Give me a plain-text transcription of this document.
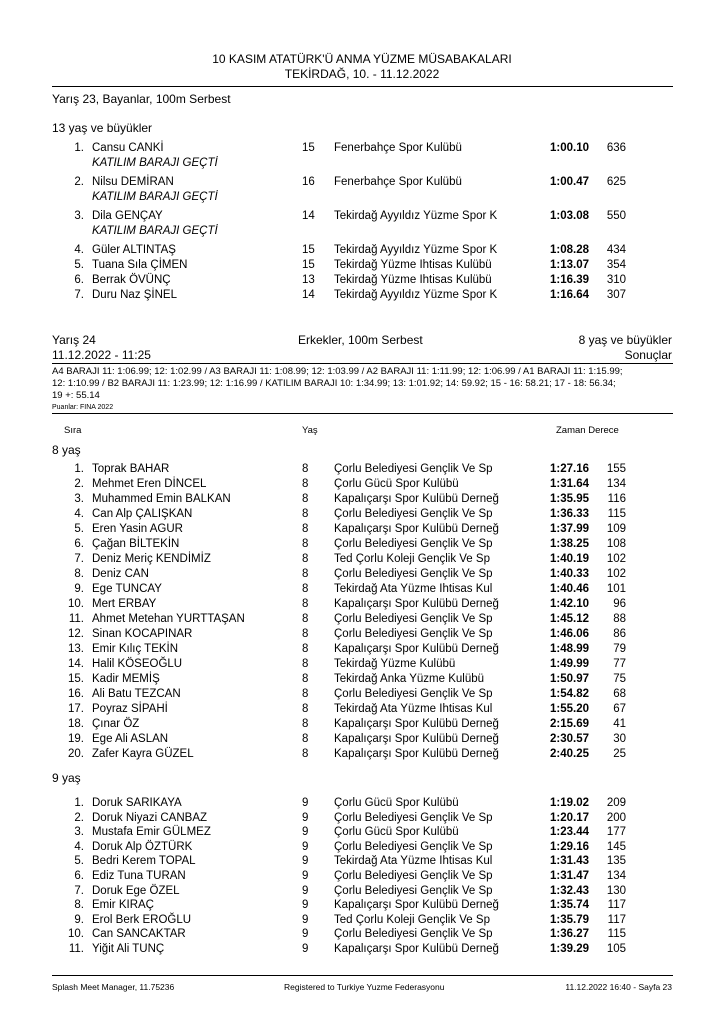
10 KASIM ATATÜRK'Ü ANMA YÜZME MÜSABAKALARI
TEKİRDAĞ, 10. - 11.12.2022
Yarış 23, Bayanlar, 100m Serbest
13 yaş ve büyükler
1. Cansu CANKİ	15 Fenerbahçe Spor Kulübü	1:00.10	636
KATILIM BARAJI GEÇTİ
2. Nilsu DEMİRAN	16 Fenerbahçe Spor Kulübü	1:00.47	625
KATILIM BARAJI GEÇTİ
3. Dila GENÇAY	14 Tekirdağ Ayyıldız Yüzme Spor K	1:03.08	550
KATILIM BARAJI GEÇTİ
4. Güler ALTINTAŞ	15 Tekirdağ Ayyıldız Yüzme Spor K	1:08.28	434
5. Tuana Sıla ÇİMEN	15 Tekirdağ Yüzme Ihtisas Kulübü	1:13.07	354
6. Berrak ÖVÜNÇ	13 Tekirdağ Yüzme Ihtisas Kulübü	1:16.39	310
7. Duru Naz ŞİNEL	14 Tekirdağ Ayyıldız Yüzme Spor K	1:16.64	307
Yarış 24	Erkekler, 100m Serbest	8 yaş ve büyükler
11.12.2022 - 11:25	Sonuçlar
A4 BARAJI 11: 1:06.99; 12: 1:02.99 / A3 BARAJI 11: 1:08.99; 12: 1:03.99 / A2 BARAJI 11: 1:11.99; 12: 1:06.99 / A1 BARAJI 11: 1:15.99;
12: 1:10.99 / B2 BARAJI 11: 1:23.99; 12: 1:16.99 / KATILIM BARAJI 10: 1:34.99; 13: 1:01.92; 14: 59.92; 15 - 16: 58.21; 17 - 18: 56.34;
19 +: 55.14
Puanlar: FINA 2022
Sıra	Yaş	Zaman Derece
8 yaş
1. Toprak BAHAR	8 Çorlu Belediyesi Gençlik Ve Sp	1:27.16	155
2. Mehmet Eren DİNCEL	8 Çorlu Gücü Spor Kulübü	1:31.64	134
3. Muhammed Emin BALKAN	8 Kapalıçarşı Spor Kulübü Derneğ	1:35.95	116
4. Can Alp ÇALIŞKAN	8 Çorlu Belediyesi Gençlik Ve Sp	1:36.33	115
5. Eren Yasin AGUR	8 Kapalıçarşı Spor Kulübü Derneğ	1:37.99	109
6. Çağan BİLTEKİN	8 Çorlu Belediyesi Gençlik Ve Sp	1:38.25	108
7. Deniz Meriç KENDİMİZ	8 Ted Çorlu Koleji Gençlik Ve Sp	1:40.19	102
8. Deniz CAN	8 Çorlu Belediyesi Gençlik Ve Sp	1:40.33	102
9. Ege TUNCAY	8 Tekirdağ Ata Yüzme Ihtisas Kul	1:40.46	101
10. Mert ERBAY	8 Kapalıçarşı Spor Kulübü Derneğ	1:42.10	96
11. Ahmet Metehan YURTTAŞAN	8 Çorlu Belediyesi Gençlik Ve Sp	1:45.12	88
12. Sinan KOCAPINAR	8 Çorlu Belediyesi Gençlik Ve Sp	1:46.06	86
13. Emir Kılıç TEKİN	8 Kapalıçarşı Spor Kulübü Derneğ	1:48.99	79
14. Halil KÖSEOĞLU	8 Tekirdağ Yüzme Kulübü	1:49.99	77
15. Kadir MEMİŞ	8 Tekirdağ Anka Yüzme Kulübü	1:50.97	75
16. Ali Batu TEZCAN	8 Çorlu Belediyesi Gençlik Ve Sp	1:54.82	68
17. Poyraz SİPAHİ	8 Tekirdağ Ata Yüzme Ihtisas Kul	1:55.20	67
18. Çınar ÖZ	8 Kapalıçarşı Spor Kulübü Derneğ	2:15.69	41
19. Ege Ali ASLAN	8 Kapalıçarşı Spor Kulübü Derneğ	2:30.57	30
20. Zafer Kayra GÜZEL	8 Kapalıçarşı Spor Kulübü Derneğ	2:40.25	25
9 yaş
1. Doruk SARIKAYA	9 Çorlu Gücü Spor Kulübü	1:19.02	209
2. Doruk Niyazi CANBAZ	9 Çorlu Belediyesi Gençlik Ve Sp	1:20.17	200
3. Mustafa Emir GÜLMEZ	9 Çorlu Gücü Spor Kulübü	1:23.44	177
4. Doruk Alp ÖZTÜRK	9 Çorlu Belediyesi Gençlik Ve Sp	1:29.16	145
5. Bedri Kerem TOPAL	9 Tekirdağ Ata Yüzme Ihtisas Kul	1:31.43	135
6. Ediz Tuna TURAN	9 Çorlu Belediyesi Gençlik Ve Sp	1:31.47	134
7. Doruk Ege ÖZEL	9 Çorlu Belediyesi Gençlik Ve Sp	1:32.43	130
8. Emir KIRAÇ	9 Kapalıçarşı Spor Kulübü Derneğ	1:35.74	117
9. Erol Berk EROĞLU	9 Ted Çorlu Koleji Gençlik Ve Sp	1:35.79	117
10. Can SANCAKTAR	9 Çorlu Belediyesi Gençlik Ve Sp	1:36.27	115
11. Yiğit Ali TUNÇ	9 Kapalıçarşı Spor Kulübü Derneğ	1:39.29	105
Splash Meet Manager, 11.75236	Registered to Turkiye Yuzme Federasyonu	11.12.2022 16:40 - Sayfa 23
